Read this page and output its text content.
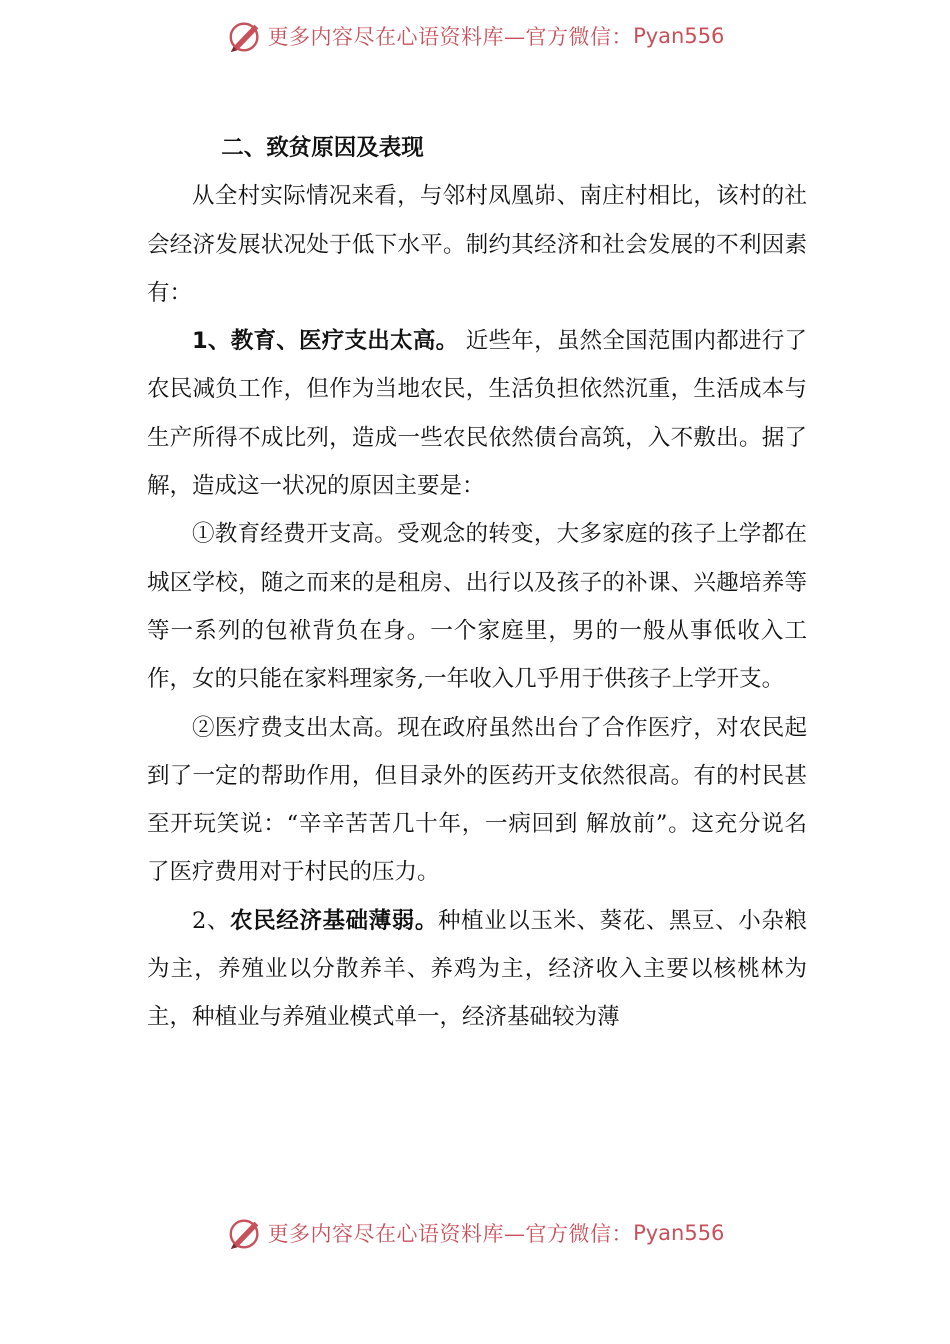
更多内容尽在心语资料库—官方微信： Pyan556
二、致贫原因及表现

从全村实际情况来看，与邻村凤凰峁、南庄村相比，该村的社会经济发展状况处于低下水平。制约其经济和社会发展的不利因素有：

1、教育、医疗支出太高。 近些年，虽然全国范围内都进行了农民减负工作，但作为当地农民，生活负担依然沉重，生活成本与生产所得不成比列，造成一些农民依然债台高筑，入不敷出。据了解，造成这一状况的原因主要是：

①教育经费开支高。受观念的转变，大多家庭的孩子上学都在城区学校，随之而来的是租房、出行以及孩子的补课、兴趣培养等等一系列的包袱背负在身。一个家庭里，男的一般从事低收入工作，女的只能在家料理家务,一年收入几乎用于供孩子上学开支。

②医疗费支出太高。现在政府虽然出台了合作医疗，对农民起到了一定的帮助作用，但目录外的医药开支依然很高。有的村民甚至开玩笑说：“辛辛苦苦几十年，一病回到 解放前”。这充分说名了医疗费用对于村民的压力。

2、农民经济基础薄弱。种植业以玉米、葵花、黑豆、小杂粮为主，养殖业以分散养羊、养鸡为主，经济收入主要以核桃林为主，种植业与养殖业模式单一，经济基础较为薄

更多内容尽在心语资料库—官方微信： Pyan556
